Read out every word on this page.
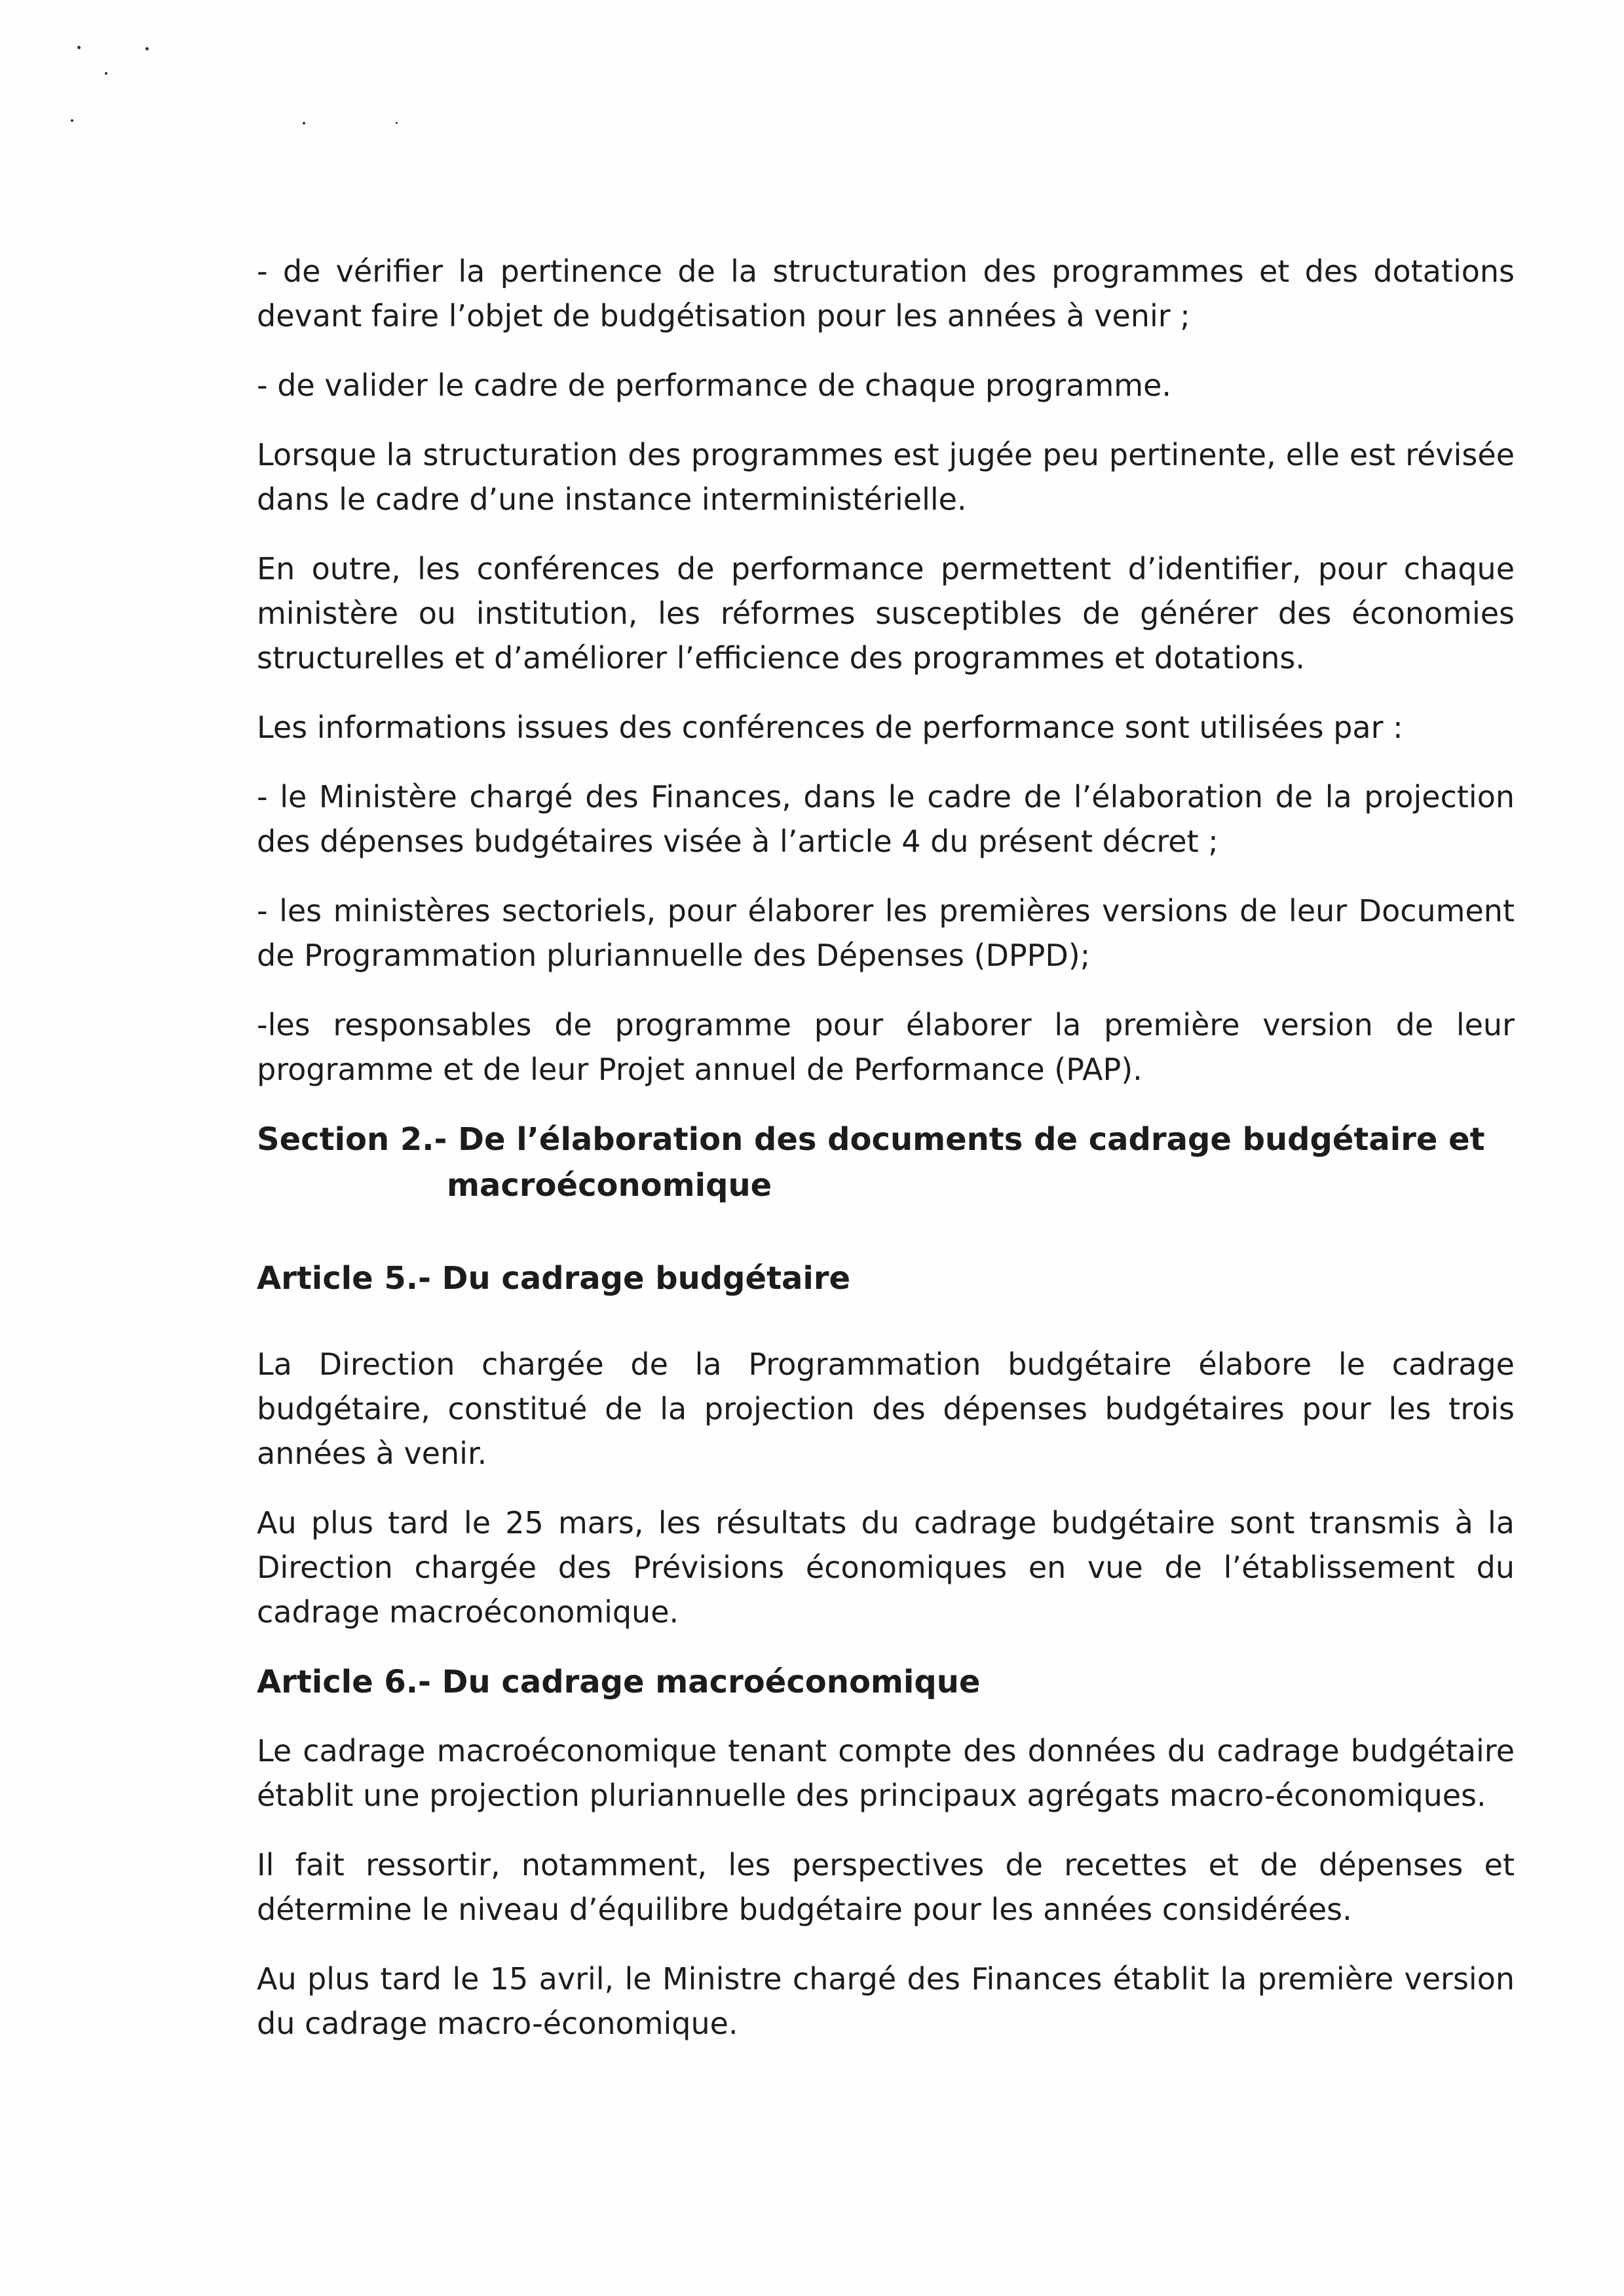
- de vérifier la pertinence de la structuration des programmes et des dotations devant faire l’objet de budgétisation pour les années à venir ;

- de valider le cadre de performance de chaque programme.

Lorsque la structuration des programmes est jugée peu pertinente, elle est révisée dans le cadre d’une instance interministérielle.

En outre, les conférences de performance permettent d’identifier, pour chaque ministère ou institution, les réformes susceptibles de générer des économies structurelles et d’améliorer l’efficience des programmes et dotations.

Les informations issues des conférences de performance sont utilisées par :

- le Ministère chargé des Finances, dans le cadre de l’élaboration de la projection des dépenses budgétaires visée à l’article 4 du présent décret ;

- les ministères sectoriels, pour élaborer les premières versions de leur Document de Programmation pluriannuelle des Dépenses (DPPD);

-les responsables de programme pour élaborer la première version de leur programme et de leur Projet annuel de Performance (PAP).

Section 2.- De l’élaboration des documents de cadrage budgétaire et
macroéconomique
Article 5.- Du cadrage budgétaire

La Direction chargée de la Programmation budgétaire élabore le cadrage budgétaire, constitué de la projection des dépenses budgétaires pour les trois années à venir.

Au plus tard le 25 mars, les résultats du cadrage budgétaire sont transmis à la Direction chargée des Prévisions économiques en vue de l’établissement du cadrage macroéconomique.

Article 6.- Du cadrage macroéconomique

Le cadrage macroéconomique tenant compte des données du cadrage budgétaire établit une projection pluriannuelle des principaux agrégats macro-économiques.

Il fait ressortir, notamment, les perspectives de recettes et de dépenses et détermine le niveau d’équilibre budgétaire pour les années considérées.

Au plus tard le 15 avril, le Ministre chargé des Finances établit la première version du cadrage macro-économique.
